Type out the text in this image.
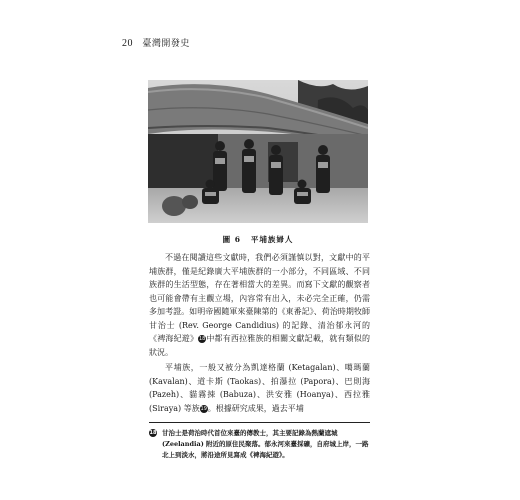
20 臺灣開發史
圖 6 平埔族婦人

不過在閱讀這些文獻時，我們必須謹慎以對，文獻中的平埔族群，僅是紀錄廣大平埔族群的一小部分，不同區域、不同族群的生活型態，存在著相當大的差異。而寫下文獻的觀察者也可能會帶有主觀立場，內容常有出入，未必完全正確，仍需多加考證。如明帝國隨軍來臺陳第的《東番記》、荷治時期牧師甘治士 (Rev. George Candidius) 的記錄、清治郁永河的《裨海紀遊》18中都有西拉雅族的相關文獻記載，就有類似的狀況。

平埔族，一般又被分為凱達格蘭 (Ketagalan)、噶瑪蘭 (Kavalan)、道卡斯 (Taokas)、拍瀑拉 (Papora)、巴則海 (Pazeh)、貓霧捒 (Babuza)、洪安雅 (Hoanya)、西拉雅 (Siraya) 等族19。根據研究成果，過去平埔

18 甘治士是荷治時代首位來臺的傳教士，其主要記錄為熱蘭遮城 (Zeelandia) 附近的原住民聚落。郁永河來臺採礦，自府城上岸，一路北上到淡水，將沿途所見寫成《裨海紀遊》。
